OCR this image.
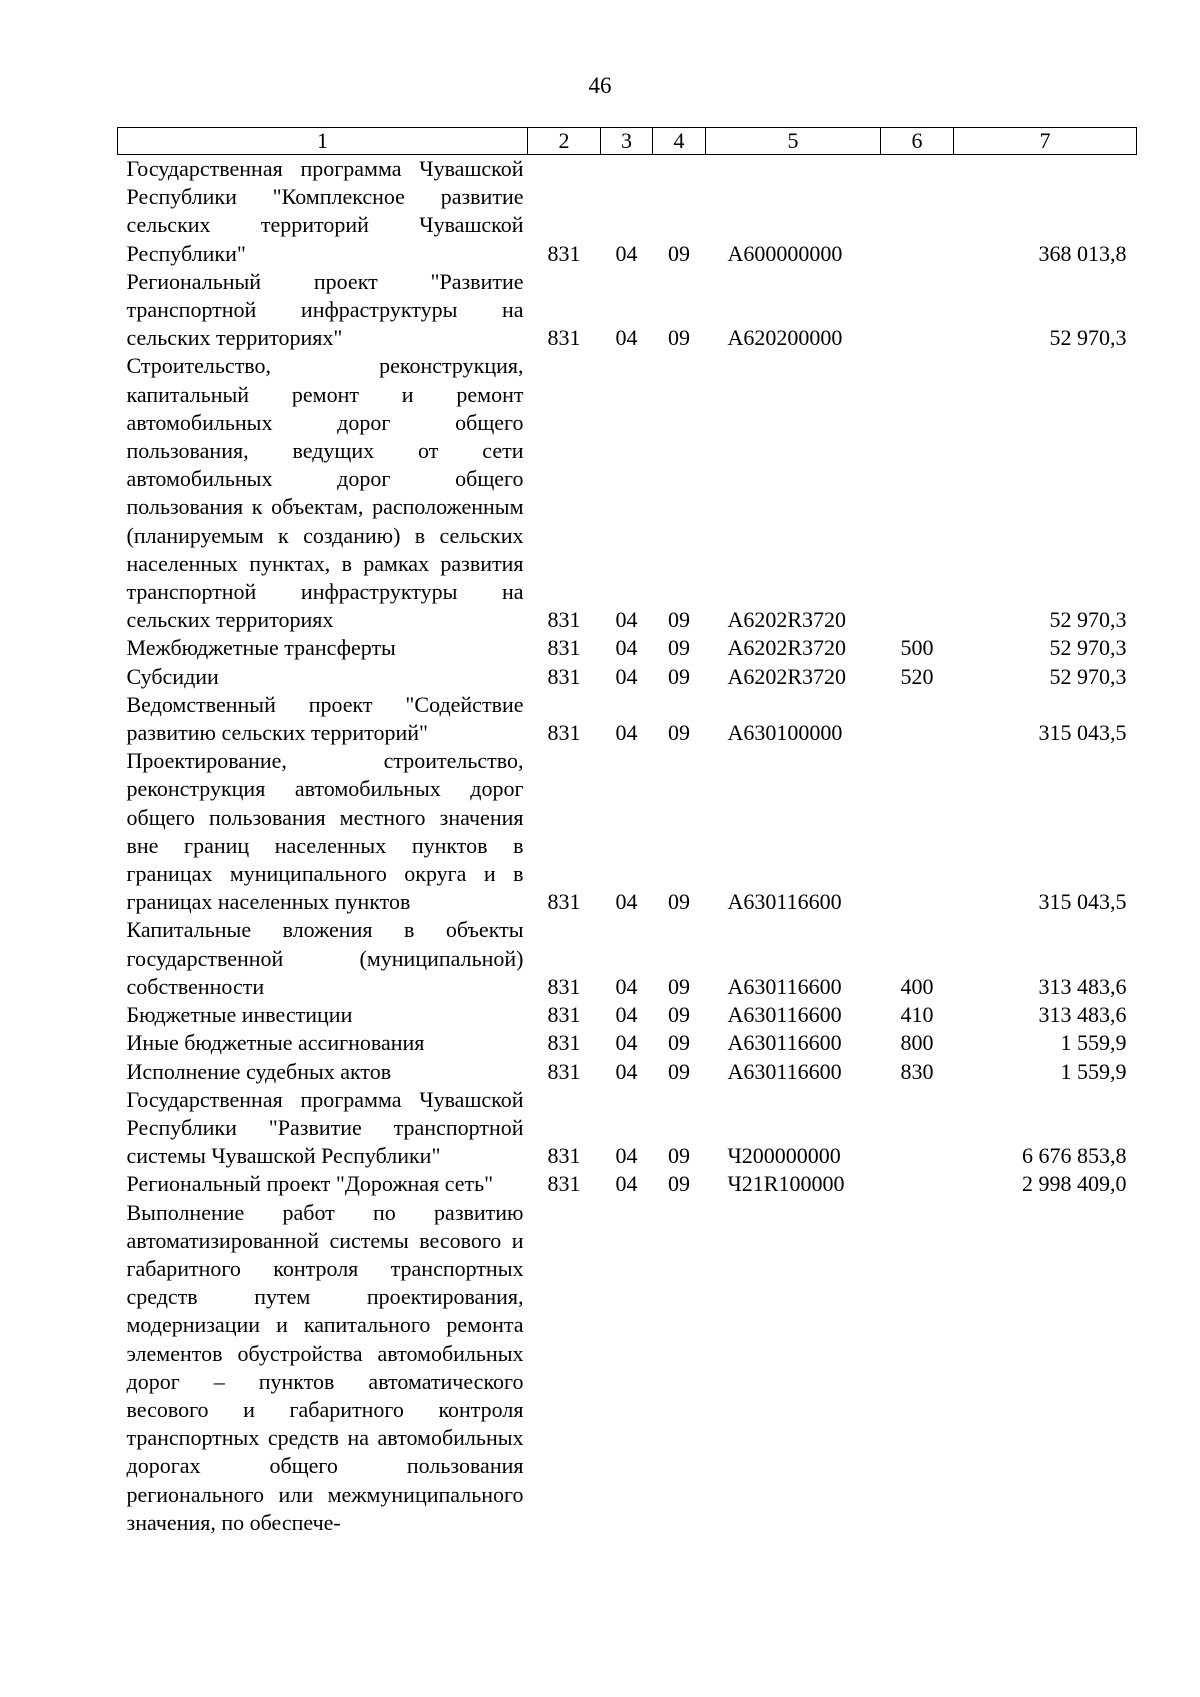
46
1	2	3	4	5	6	7
Государственная программа Чувашской Республики "Комплексное развитие сельских территорий Чувашской Республики"	831	04	09	А600000000		368 013,8
Региональный проект "Развитие транспортной инфраструктуры на сельских территориях"	831	04	09	А620200000		52 970,3
Строительство, реконструкция, капитальный ремонт и ремонт автомобильных дорог общего пользования, ведущих от сети автомобильных дорог общего пользования к объектам, расположенным (планируемым к созданию) в сельских населенных пунктах, в рамках развития транспортной инфраструктуры на сельских территориях	831	04	09	А6202R3720		52 970,3
Межбюджетные трансферты	831	04	09	А6202R3720	500	52 970,3
Субсидии	831	04	09	А6202R3720	520	52 970,3
Ведомственный проект "Содействие развитию сельских территорий"	831	04	09	А630100000		315 043,5
Проектирование, строительство, реконструкция автомобильных дорог общего пользования местного значения вне границ населенных пунктов в границах муниципального округа и в границах населенных пунктов	831	04	09	А630116600		315 043,5
Капитальные вложения в объекты государственной (муниципальной) собственности	831	04	09	А630116600	400	313 483,6
Бюджетные инвестиции	831	04	09	А630116600	410	313 483,6
Иные бюджетные ассигнования	831	04	09	А630116600	800	1 559,9
Исполнение судебных актов	831	04	09	А630116600	830	1 559,9
Государственная программа Чувашской Республики "Развитие транспортной системы Чувашской Республики"	831	04	09	Ч200000000		6 676 853,8
Региональный проект "Дорожная сеть"	831	04	09	Ч21R100000		2 998 409,0
Выполнение работ по развитию автоматизированной системы весового и габаритного контроля транспортных средств путем проектирования, модернизации и капитального ремонта элементов обустройства автомобильных дорог – пунктов автоматического весового и габаритного контроля транспортных средств на автомобильных дорогах общего пользования регионального или межмуниципального значения, по обеспече-						
